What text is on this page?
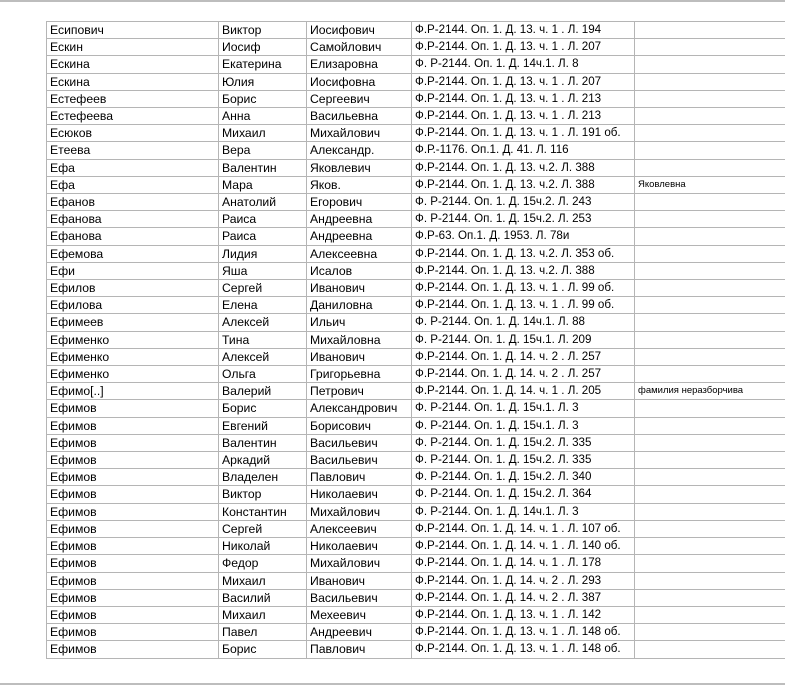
Есипович	Виктор	Иосифович	Ф.Р-2144. Оп. 1. Д. 13. ч. 1 . Л. 194	
Ескин	Иосиф	Самойлович	Ф.Р-2144. Оп. 1. Д. 13. ч. 1 . Л. 207	
Ескина	Екатерина	Елизаровна	Ф. Р-2144. Оп. 1. Д. 14ч.1. Л. 8	
Ескина	Юлия	Иосифовна	Ф.Р-2144. Оп. 1. Д. 13. ч. 1 . Л. 207	
Естефеев	Борис	Сергеевич	Ф.Р-2144. Оп. 1. Д. 13. ч. 1 . Л. 213	
Естефеева	Анна	Васильевна	Ф.Р-2144. Оп. 1. Д. 13. ч. 1 . Л. 213	
Есюков	Михаил	Михайлович	Ф.Р-2144. Оп. 1. Д. 13. ч. 1 . Л. 191 об.	
Етеева	Вера	Александр.	Ф.Р.-1176. Оп.1. Д. 41. Л. 116	
Ефа	Валентин	Яковлевич	Ф.Р-2144. Оп. 1. Д. 13. ч.2. Л. 388	
Ефа	Мара	Яков.	Ф.Р-2144. Оп. 1. Д. 13. ч.2. Л. 388	Яковлевна
Ефанов	Анатолий	Егорович	Ф. Р-2144. Оп. 1. Д. 15ч.2. Л. 243	
Ефанова	Раиса	Андреевна	Ф. Р-2144. Оп. 1. Д. 15ч.2. Л. 253	
Ефанова	Раиса	Андреевна	Ф.Р-63. Оп.1. Д. 1953. Л. 78и	
Ефемова	Лидия	Алексеевна	Ф.Р-2144. Оп. 1. Д. 13. ч.2. Л. 353 об.	
Ефи	Яша	Исалов	Ф.Р-2144. Оп. 1. Д. 13. ч.2. Л. 388	
Ефилов	Сергей	Иванович	Ф.Р-2144. Оп. 1. Д. 13. ч. 1 . Л. 99 об.	
Ефилова	Елена	Даниловна	Ф.Р-2144. Оп. 1. Д. 13. ч. 1 . Л. 99 об.	
Ефимеев	Алексей	Ильич	Ф. Р-2144. Оп. 1. Д. 14ч.1. Л. 88	
Ефименко	Тина	Михайловна	Ф. Р-2144. Оп. 1. Д. 15ч.1. Л. 209	
Ефименко	Алексей	Иванович	Ф.Р-2144. Оп. 1. Д. 14. ч. 2 . Л. 257	
Ефименко	Ольга	Григорьевна	Ф.Р-2144. Оп. 1. Д. 14. ч. 2 . Л. 257	
Ефимо[..]	Валерий	Петрович	Ф.Р-2144. Оп. 1. Д. 14. ч. 1 . Л. 205	фамилия неразборчива
Ефимов	Борис	Александрович	Ф. Р-2144. Оп. 1. Д. 15ч.1. Л. 3	
Ефимов	Евгений	Борисович	Ф. Р-2144. Оп. 1. Д. 15ч.1. Л. 3	
Ефимов	Валентин	Васильевич	Ф. Р-2144. Оп. 1. Д. 15ч.2. Л. 335	
Ефимов	Аркадий	Васильевич	Ф. Р-2144. Оп. 1. Д. 15ч.2. Л. 335	
Ефимов	Владелен	Павлович	Ф. Р-2144. Оп. 1. Д. 15ч.2. Л. 340	
Ефимов	Виктор	Николаевич	Ф. Р-2144. Оп. 1. Д. 15ч.2. Л. 364	
Ефимов	Константин	Михайлович	Ф. Р-2144. Оп. 1. Д. 14ч.1. Л. 3	
Ефимов	Сергей	Алексеевич	Ф.Р-2144. Оп. 1. Д. 14. ч. 1 . Л. 107 об.	
Ефимов	Николай	Николаевич	Ф.Р-2144. Оп. 1. Д. 14. ч. 1 . Л. 140 об.	
Ефимов	Федор	Михайлович	Ф.Р-2144. Оп. 1. Д. 14. ч. 1 . Л. 178	
Ефимов	Михаил	Иванович	Ф.Р-2144. Оп. 1. Д. 14. ч. 2 . Л. 293	
Ефимов	Василий	Васильевич	Ф.Р-2144. Оп. 1. Д. 14. ч. 2 . Л. 387	
Ефимов	Михаил	Мехеевич	Ф.Р-2144. Оп. 1. Д. 13. ч. 1 . Л. 142	
Ефимов	Павел	Андреевич	Ф.Р-2144. Оп. 1. Д. 13. ч. 1 . Л. 148 об.	
Ефимов	Борис	Павлович	Ф.Р-2144. Оп. 1. Д. 13. ч. 1 . Л. 148 об.	
